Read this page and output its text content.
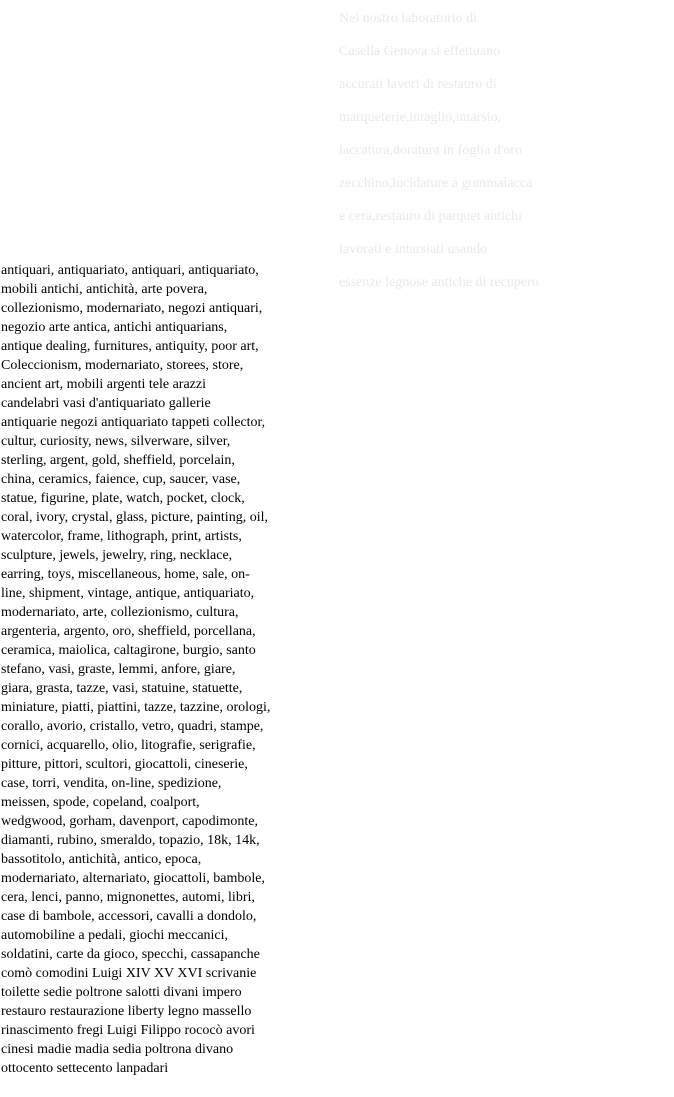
Nel nostro laboratorio di
Casella Genova si effettuano
accurati lavori di restauro di
marqueterie,intaglio,intarsio,
laccatura,doratura in foglia d'oro
zecchino,lucidature a gommalacca
e cera,restauro di parquet antichi
lavorati e intarsiati usando
essenze legnose antiche di recupero

antiquari, antiquariato, antiquari, antiquariato,
mobili antichi, antichità, arte povera,
collezionismo, modernariato, negozi antiquari,
negozio arte antica, antichi antiquarians,
antique dealing, furnitures, antiquity, poor art,
Coleccionism, modernariato, storees, store,
ancient art, mobili argenti tele arazzi
candelabri vasi d'antiquariato gallerie
antiquarie negozi antiquariato tappeti collector,
cultur, curiosity, news, silverware, silver,
sterling, argent, gold, sheffield, porcelain,
china, ceramics, faience, cup, saucer, vase,
statue, figurine, plate, watch, pocket, clock,
coral, ivory, crystal, glass, picture, painting, oil,
watercolor, frame, lithograph, print, artists,
sculpture, jewels, jewelry, ring, necklace,
earring, toys, miscellaneous, home, sale, on-
line, shipment, vintage, antique, antiquariato,
modernariato, arte, collezionismo, cultura,
argenteria, argento, oro, sheffield, porcellana,
ceramica, maiolica, caltagirone, burgio, santo
stefano, vasi, graste, lemmi, anfore, giare,
giara, grasta, tazze, vasi, statuine, statuette,
miniature, piatti, piattini, tazze, tazzine, orologi,
corallo, avorio, cristallo, vetro, quadri, stampe,
cornici, acquarello, olio, litografie, serigrafie,
pitture, pittori, scultori, giocattoli, cineserie,
case, torri, vendita, on-line, spedizione,
meissen, spode, copeland, coalport,
wedgwood, gorham, davenport, capodimonte,
diamanti, rubino, smeraldo, topazio, 18k, 14k,
bassotitolo, antichità, antico, epoca,
modernariato, alternariato, giocattoli, bambole,
cera, lenci, panno, mignonettes, automi, libri,
case di bambole, accessori, cavalli a dondolo,
automobiline a pedali, giochi meccanici,
soldatini, carte da gioco, specchi, cassapanche
comò comodini Luigi XIV XV XVI scrivanie
toilette sedie poltrone salotti divani impero
restauro restaurazione liberty legno massello
rinascimento fregi Luigi Filippo rococò avori
cinesi madie madia sedia poltrona divano
ottocento settecento lanpadari
